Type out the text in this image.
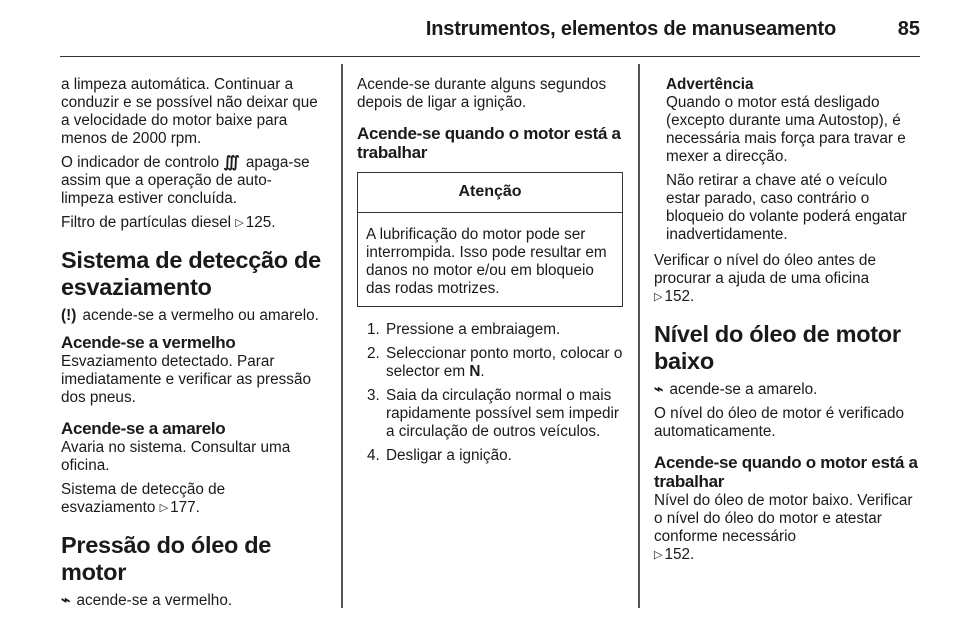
Instrumentos, elementos de manuseamento	85

a limpeza automática. Continuar a conduzir e se possível não deixar que a velocidade do motor baixe para menos de 2000 rpm.

O indicador de controlo ∭ apaga-se assim que a operação de auto-limpeza estiver concluída.

Filtro de partículas diesel ▷ 125.

Sistema de detecção de esvaziamento

(!) acende-se a vermelho ou amarelo.

Acende-se a vermelho

Esvaziamento detectado. Parar imediatamente e verificar as pressão dos pneus.

Acende-se a amarelo

Avaria no sistema. Consultar uma oficina.

Sistema de detecção de esvaziamento ▷ 177.

Pressão do óleo de motor

⌁ acende-se a vermelho.

Acende-se durante alguns segundos depois de ligar a ignição.

Acende-se quando o motor está a trabalhar
Atenção
A lubrificação do motor pode ser interrompida. Isso pode resultar em danos no motor e/ou em bloqueio das rodas motrizes.
1. Pressione a embraiagem.
2. Seleccionar ponto morto, colocar o selector em N.
3. Saia da circulação normal o mais rapidamente possível sem impedir a circulação de outros veículos.
4. Desligar a ignição.
Advertência

Quando o motor está desligado (excepto durante uma Autostop), é necessária mais força para travar e mexer a direcção.

Não retirar a chave até o veículo estar parado, caso contrário o bloqueio do volante poderá engatar inadvertidamente.

Verificar o nível do óleo antes de procurar a ajuda de uma oficina
▷ 152.

Nível do óleo de motor baixo

⌁ acende-se a amarelo.

O nível do óleo de motor é verificado automaticamente.

Acende-se quando o motor está a trabalhar

Nível do óleo de motor baixo. Verificar o nível do óleo do motor e atestar conforme necessário
▷ 152.
